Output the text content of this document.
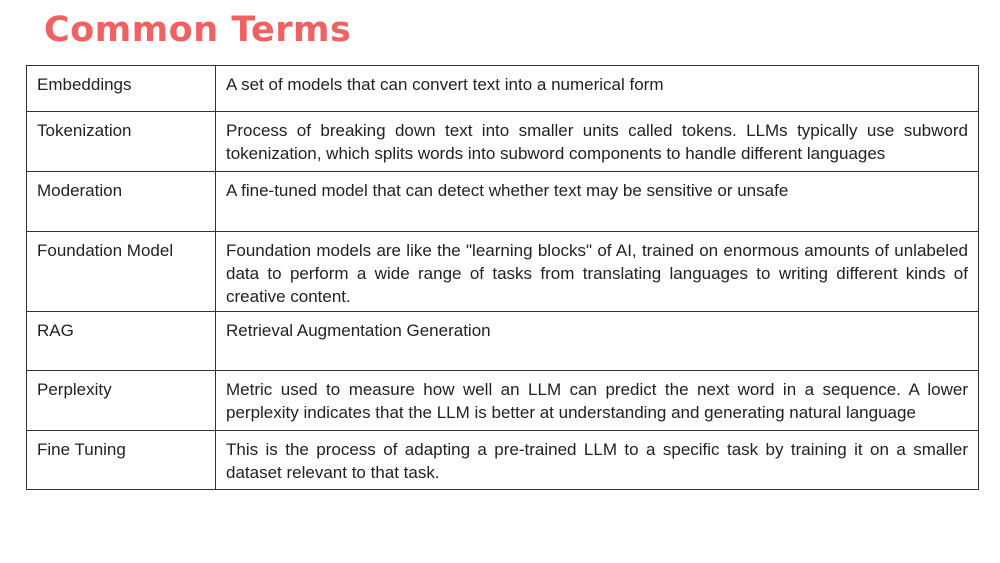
Common Terms
Embeddings	A set of models that can convert text into a numerical form
Tokenization	Process of breaking down text into smaller units called tokens. LLMs typically use subword tokenization, which splits words into subword components to handle different languages
Moderation	A fine-tuned model that can detect whether text may be sensitive or unsafe
Foundation Model	Foundation models are like the "learning blocks" of AI, trained on enormous amounts of unlabeled data to perform a wide range of tasks from translating languages to writing different kinds of creative content.
RAG	Retrieval Augmentation Generation
Perplexity	Metric used to measure how well an LLM can predict the next word in a sequence. A lower perplexity indicates that the LLM is better at understanding and generating natural language
Fine Tuning	This is the process of adapting a pre-trained LLM to a specific task by training it on a smaller dataset relevant to that task.
